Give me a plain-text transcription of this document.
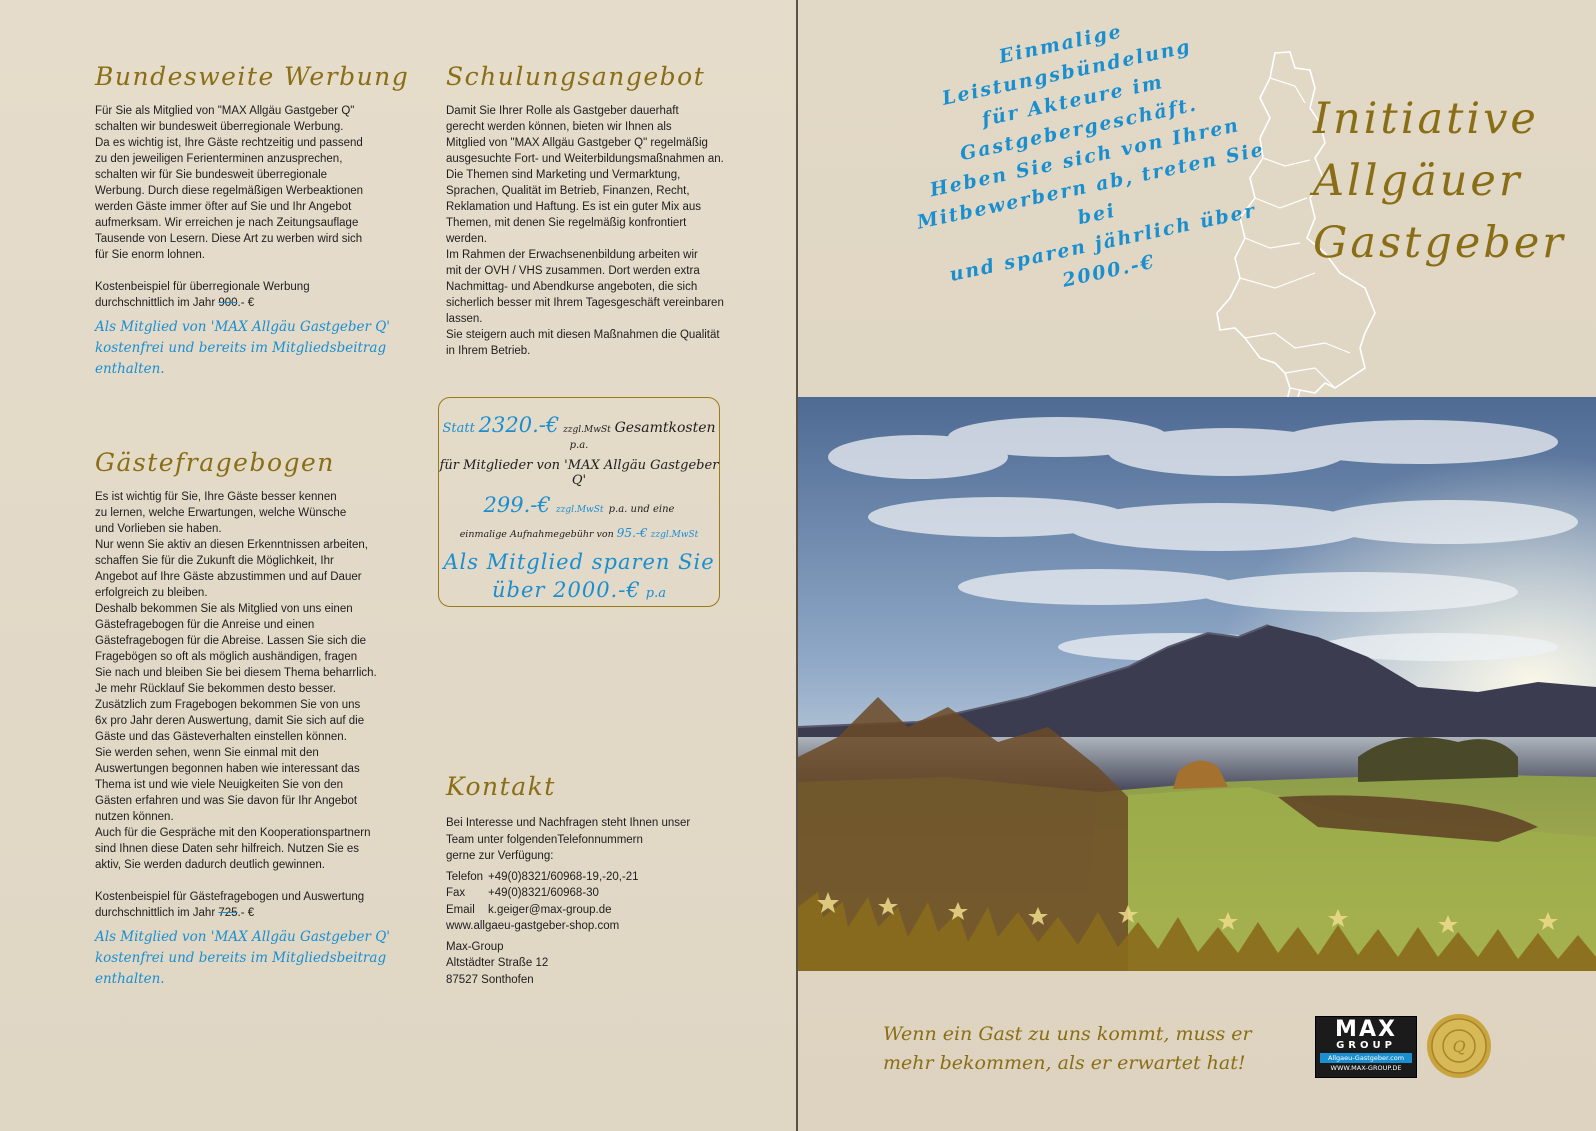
Bundesweite Werbung
Für Sie als Mitglied von "MAX Allgäu Gastgeber Q"
schalten wir bundesweit überregionale Werbung.
Da es wichtig ist, Ihre Gäste rechtzeitig und passend
zu den jeweiligen Ferienterminen anzusprechen,
schalten wir für Sie bundesweit überregionale
Werbung. Durch diese regelmäßigen Werbeaktionen
werden Gäste immer öfter auf Sie und Ihr Angebot
aufmerksam. Wir erreichen je nach Zeitungsauflage
Tausende von Lesern. Diese Art zu werben wird sich
für Sie enorm lohnen.
Kostenbeispiel für überregionale Werbung
durchschnittlich im Jahr 900.- €
Als Mitglied von 'MAX Allgäu Gastgeber Q'
kostenfrei und bereits im Mitgliedsbeitrag
enthalten.
Gästefragebogen
Es ist wichtig für Sie, Ihre Gäste besser kennen
zu lernen, welche Erwartungen, welche Wünsche
und Vorlieben sie haben.
Nur wenn Sie aktiv an diesen Erkenntnissen arbeiten,
schaffen Sie für die Zukunft die Möglichkeit, Ihr
Angebot auf Ihre Gäste abzustimmen und auf Dauer
erfolgreich zu bleiben.
Deshalb bekommen Sie als Mitglied von uns einen
Gästefragebogen für die Anreise und einen
Gästefragebogen für die Abreise. Lassen Sie sich die
Fragebögen so oft als möglich aushändigen, fragen
Sie nach und bleiben Sie bei diesem Thema beharrlich.
Je mehr Rücklauf Sie bekommen desto besser.
Zusätzlich zum Fragebogen bekommen Sie von uns
6x pro Jahr deren Auswertung, damit Sie sich auf die
Gäste und das Gästeverhalten einstellen können.
Sie werden sehen, wenn Sie einmal mit den
Auswertungen begonnen haben wie interessant das
Thema ist und wie viele Neuigkeiten Sie von den
Gästen erfahren und was Sie davon für Ihr Angebot
nutzen können.
Auch für die Gespräche mit den Kooperationspartnern
sind Ihnen diese Daten sehr hilfreich. Nutzen Sie es
aktiv, Sie werden dadurch deutlich gewinnen.
Kostenbeispiel für Gästefragebogen und Auswertung
durchschnittlich im Jahr 725.- €
Als Mitglied von 'MAX Allgäu Gastgeber Q'
kostenfrei und bereits im Mitgliedsbeitrag
enthalten.
Schulungsangebot
Damit Sie Ihrer Rolle als Gastgeber dauerhaft
gerecht werden können, bieten wir Ihnen als
Mitglied von "MAX Allgäu Gastgeber Q" regelmäßig
ausgesuchte Fort- und Weiterbildungsmaßnahmen an.
Die Themen sind Marketing und Vermarktung,
Sprachen, Qualität im Betrieb, Finanzen, Recht,
Reklamation und Haftung. Es ist ein guter Mix aus
Themen, mit denen Sie regelmäßig konfrontiert
werden.
Im Rahmen der Erwachsenenbildung arbeiten wir
mit der OVH / VHS zusammen. Dort werden extra
Nachmittag- und Abendkurse angeboten, die sich
sicherlich besser mit Ihrem Tagesgeschäft vereinbaren
lassen.
Sie steigern auch mit diesen Maßnahmen die Qualität
in Ihrem Betrieb.
Statt 2320.-€ zzgl.MwSt Gesamtkosten p.a.
für Mitglieder von 'MAX Allgäu Gastgeber Q'
299.-€ zzgl.MwSt p.a. und eine
einmalige Aufnahmegebühr von 95.-€ zzgl.MwSt
Als Mitglied sparen Sie
über 2000.-€ p.a
Kontakt
Bei Interesse und Nachfragen steht Ihnen unser
Team unter folgendenTelefonnummern
gerne zur Verfügung:
Telefon +49(0)8321/60968-19,-20,-21
Fax +49(0)8321/60968-30
Email k.geiger@max-group.de
www.allgaeu-gastgeber-shop.com
Max-Group
Altstädter Straße 12
87527 Sonthofen
Einmalige Leistungsbündelung
für Akteure im Gastgebergeschäft.
Heben Sie sich von Ihren
Mitbewerbern ab, treten Sie bei
und sparen jährlich über 2000.-€
Initiative
Allgäuer
Gastgeber
Wenn ein Gast zu uns kommt, muss er
mehr bekommen, als er erwartet hat!
MAX
GROUP
Allgaeu-Gastgeber.com
WWW.MAX-GROUP.DE
Q
